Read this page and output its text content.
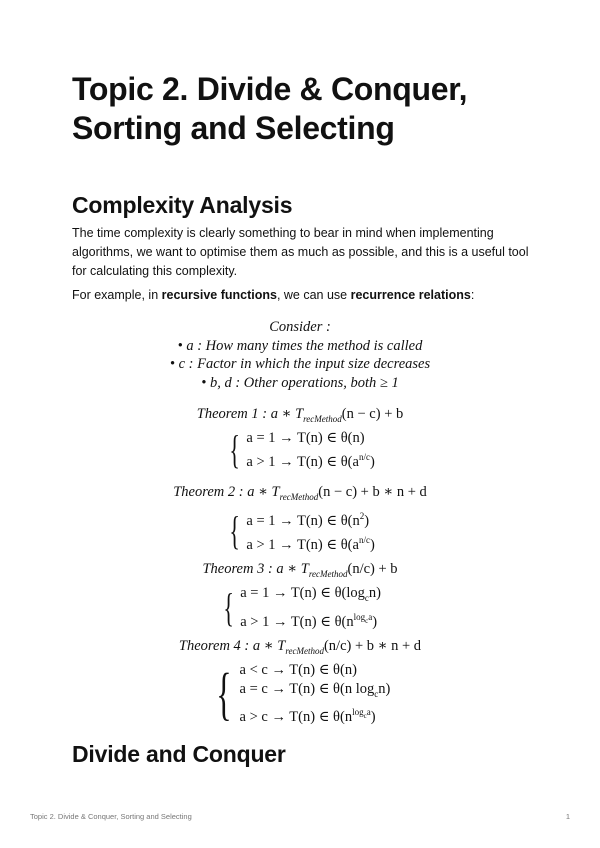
Topic 2. Divide & Conquer, Sorting and Selecting
Complexity Analysis

The time complexity is clearly something to bear in mind when implementing algorithms, we want to optimise them as much as possible, and this is a useful tool for calculating this complexity.

For example, in recursive functions, we can use recurrence relations:

Consider :
• a : How many times the method is called
• c : Factor in which the input size decreases
• b, d : Other operations, both ≥ 1
Theorem 1 : a ∗ $T_{recMethod}(n - c) + b$
{ a = 1 → T(n) ∈ θ(n)
a > 1 → T(n) ∈ $\theta(a^{n/c})$
Theorem 2 : a ∗ $T_{recMethod}(n - c) + b$ ∗ n + d
{ a = 1 → T(n) ∈ $\theta(n^2)$
a > 1 → T(n) ∈ $\theta(a^{n/c})$
Theorem 3 : a ∗ $T_{recMethod}(n/c) + b$
{ a = 1 → T(n) ∈ $\theta(\log_cn)$
a > 1 → T(n) ∈ $\theta(n^{log_ca})$
Theorem 4 : a ∗ $T_{recMethod}(n/c) + b$ ∗ n + d
{ a < c → T(n) ∈ θ(n)
a = c → T(n) ∈ θ(n $\log_cn$)
a > c → T(n) ∈ $\theta(n^{log_ca})$
Divide and Conquer
Topic 2. Divide & Conquer, Sorting and Selecting	1
